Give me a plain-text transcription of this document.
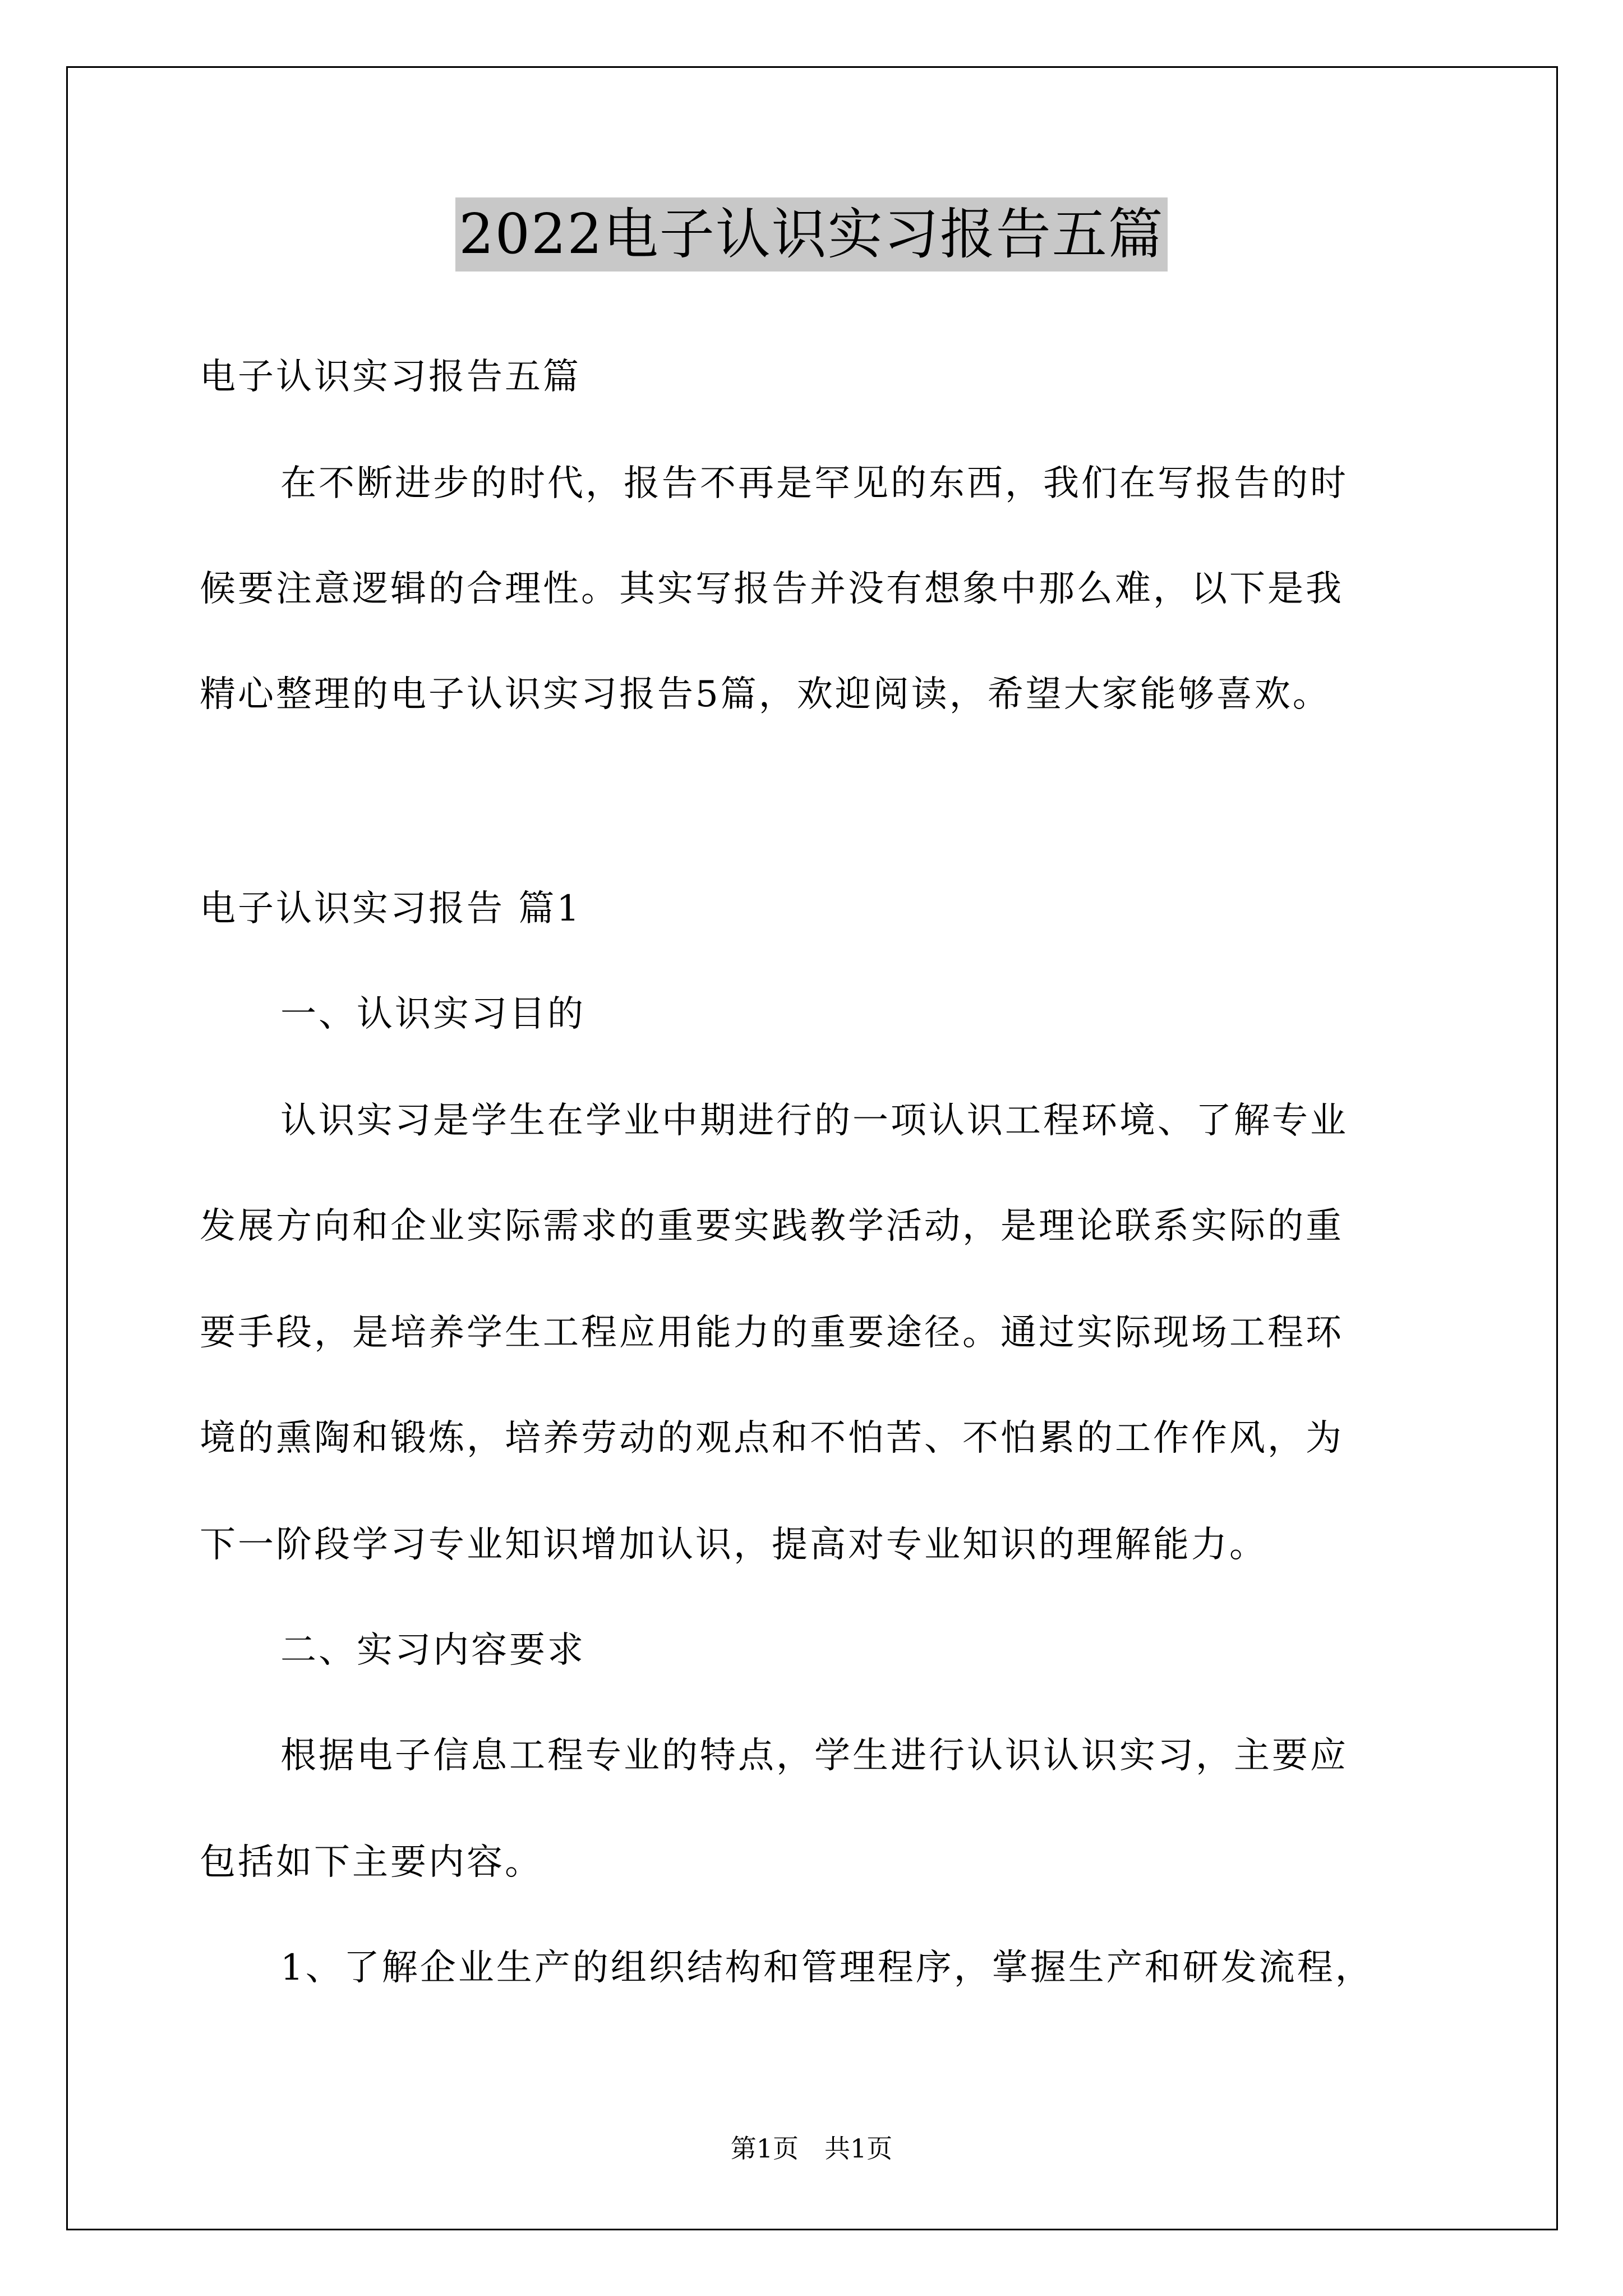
2022电子认识实习报告五篇
电子认识实习报告五篇
在不断进步的时代，报告不再是罕见的东西，我们在写报告的时
候要注意逻辑的合理性。其实写报告并没有想象中那么难，以下是我
精心整理的电子认识实习报告5篇，欢迎阅读，希望大家能够喜欢。
电子认识实习报告 篇1
一、认识实习目的
认识实习是学生在学业中期进行的一项认识工程环境、了解专业
发展方向和企业实际需求的重要实践教学活动，是理论联系实际的重
要手段，是培养学生工程应用能力的重要途径。通过实际现场工程环
境的熏陶和锻炼，培养劳动的观点和不怕苦、不怕累的工作作风，为
下一阶段学习专业知识增加认识，提高对专业知识的理解能力。
二、实习内容要求
根据电子信息工程专业的特点，学生进行认识认识实习，主要应
包括如下主要内容。
1、了解企业生产的组织结构和管理程序，掌握生产和研发流程，
第1页 共1页
